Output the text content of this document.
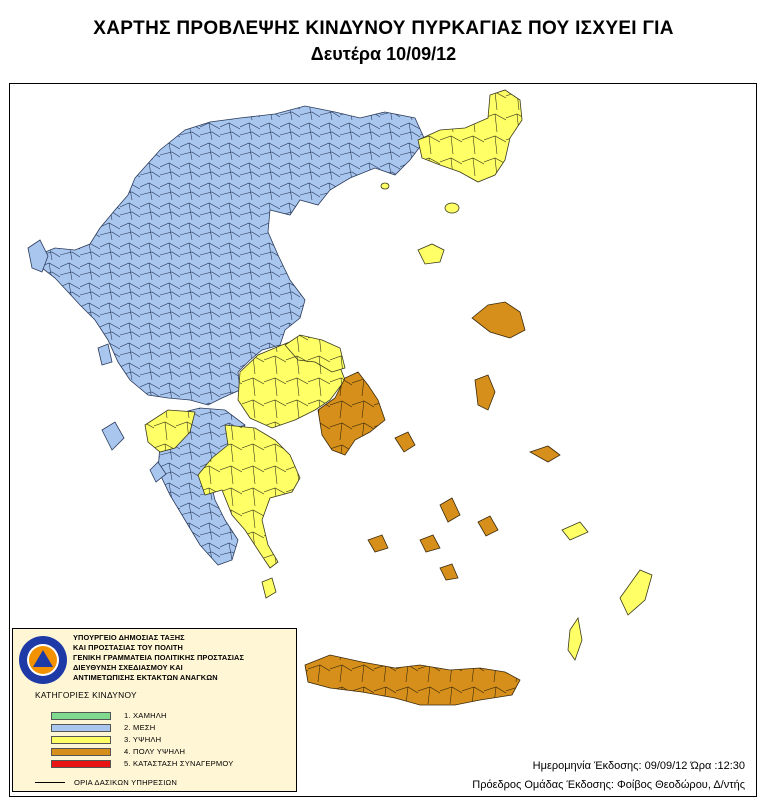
ΧΑΡΤΗΣ ΠΡΟΒΛΕΨΗΣ ΚΙΝΔΥΝΟΥ ΠΥΡΚΑΓΙΑΣ ΠΟΥ ΙΣΧΥΕΙ ΓΙΑ
Δευτέρα 10/09/12
ΥΠΟΥΡΓΕΙΟ ΔΗΜΟΣΙΑΣ ΤΑΞΗΣ
ΚΑΙ ΠΡΟΣΤΑΣΙΑΣ ΤΟΥ ΠΟΛΙΤΗ
ΓΕΝΙΚΗ ΓΡΑΜΜΑΤΕΙΑ ΠΟΛΙΤΙΚΗΣ ΠΡΟΣΤΑΣΙΑΣ
ΔΙΕΥΘΥΝΣΗ ΣΧΕΔΙΑΣΜΟΥ ΚΑΙ
ΑΝΤΙΜΕΤΩΠΙΣΗΣ ΕΚΤΑΚΤΩΝ ΑΝΑΓΚΩΝ
ΚΑΤΗΓΟΡΙΕΣ ΚΙΝΔΥΝΟΥ
1. ΧΑΜΗΛΗ
2. ΜΕΣΗ
3. ΥΨΗΛΗ
4. ΠΟΛΥ ΥΨΗΛΗ
5. ΚΑΤΑΣΤΑΣΗ ΣΥΝΑΓΕΡΜΟΥ
ΟΡΙΑ ΔΑΣΙΚΩΝ ΥΠΗΡΕΣΙΩΝ
Ημερομηνία Έκδοσης: 09/09/12 Ώρα :12:30
Πρόεδρος Ομάδας Έκδοσης: Φοίβος Θεοδώρου, Δ/ντής
